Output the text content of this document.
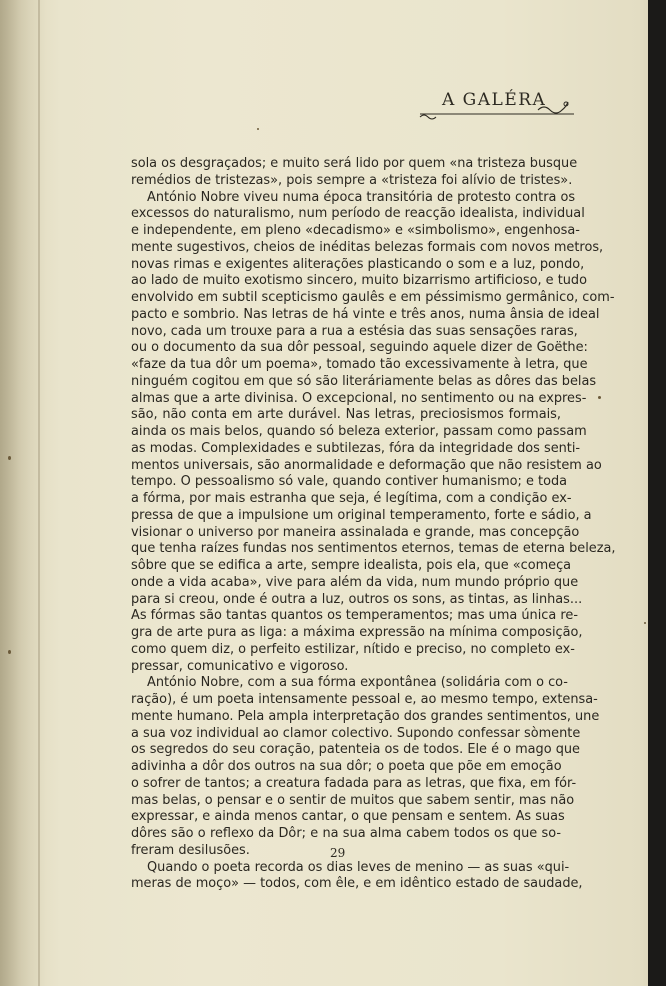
A GALÉRA
sola os desgraçados; e muito será lido por quem «na tristeza busque
remédios de tristezas», pois sempre a «tristeza foi alívio de tristes».
António Nobre viveu numa época transitória de protesto contra os
excessos do naturalismo, num período de reacção idealista, individual
e independente, em pleno «decadismo» e «simbolismo», engenhosa-
mente sugestivos, cheios de inéditas belezas formais com novos metros,
novas rimas e exigentes aliterações plasticando o som e a luz, pondo,
ao lado de muito exotismo sincero, muito bizarrismo artificioso, e tudo
envolvido em subtil scepticismo gaulês e em péssimismo germânico, com-
pacto e sombrio. Nas letras de há vinte e três anos, numa ânsia de ideal
novo, cada um trouxe para a rua a estésia das suas sensações raras,
ou o documento da sua dôr pessoal, seguindo aquele dizer de Goëthe:
«faze da tua dôr um poema», tomado tão excessivamente à letra, que
ninguém cogitou em que só são literáriamente belas as dôres das belas
almas que a arte divinisa. O excepcional, no sentimento ou na expres-
são, não conta em arte durável. Nas letras, preciosismos formais,
ainda os mais belos, quando só beleza exterior, passam como passam
as modas. Complexidades e subtilezas, fóra da integridade dos senti-
mentos universais, são anormalidade e deformação que não resistem ao
tempo. O pessoalismo só vale, quando contiver humanismo; e toda
a fórma, por mais estranha que seja, é legítima, com a condição ex-
pressa de que a impulsione um original temperamento, forte e sádio, a
visionar o universo por maneira assinalada e grande, mas concepção
que tenha raízes fundas nos sentimentos eternos, temas de eterna beleza,
sôbre que se edifica a arte, sempre idealista, pois ela, que «começa
onde a vida acaba», vive para além da vida, num mundo próprio que
para si creou, onde é outra a luz, outros os sons, as tintas, as linhas...
As fórmas são tantas quantos os temperamentos; mas uma única re-
gra de arte pura as liga: a máxima expressão na mínima composição,
como quem diz, o perfeito estilizar, nítido e preciso, no completo ex-
pressar, comunicativo e vigoroso.
António Nobre, com a sua fórma expontânea (solidária com o co-
ração), é um poeta intensamente pessoal e, ao mesmo tempo, extensa-
mente humano. Pela ampla interpretação dos grandes sentimentos, une
a sua voz individual ao clamor colectivo. Supondo confessar sòmente
os segredos do seu coração, patenteia os de todos. Ele é o mago que
adivinha a dôr dos outros na sua dôr; o poeta que põe em emoção
o sofrer de tantos; a creatura fadada para as letras, que fixa, em fór-
mas belas, o pensar e o sentir de muitos que sabem sentir, mas não
expressar, e ainda menos cantar, o que pensam e sentem. As suas
dôres são o reflexo da Dôr; e na sua alma cabem todos os que so-
freram desilusões.
Quando o poeta recorda os dias leves de menino — as suas «qui-
meras de moço» — todos, com êle, e em idêntico estado de saudade,
29
